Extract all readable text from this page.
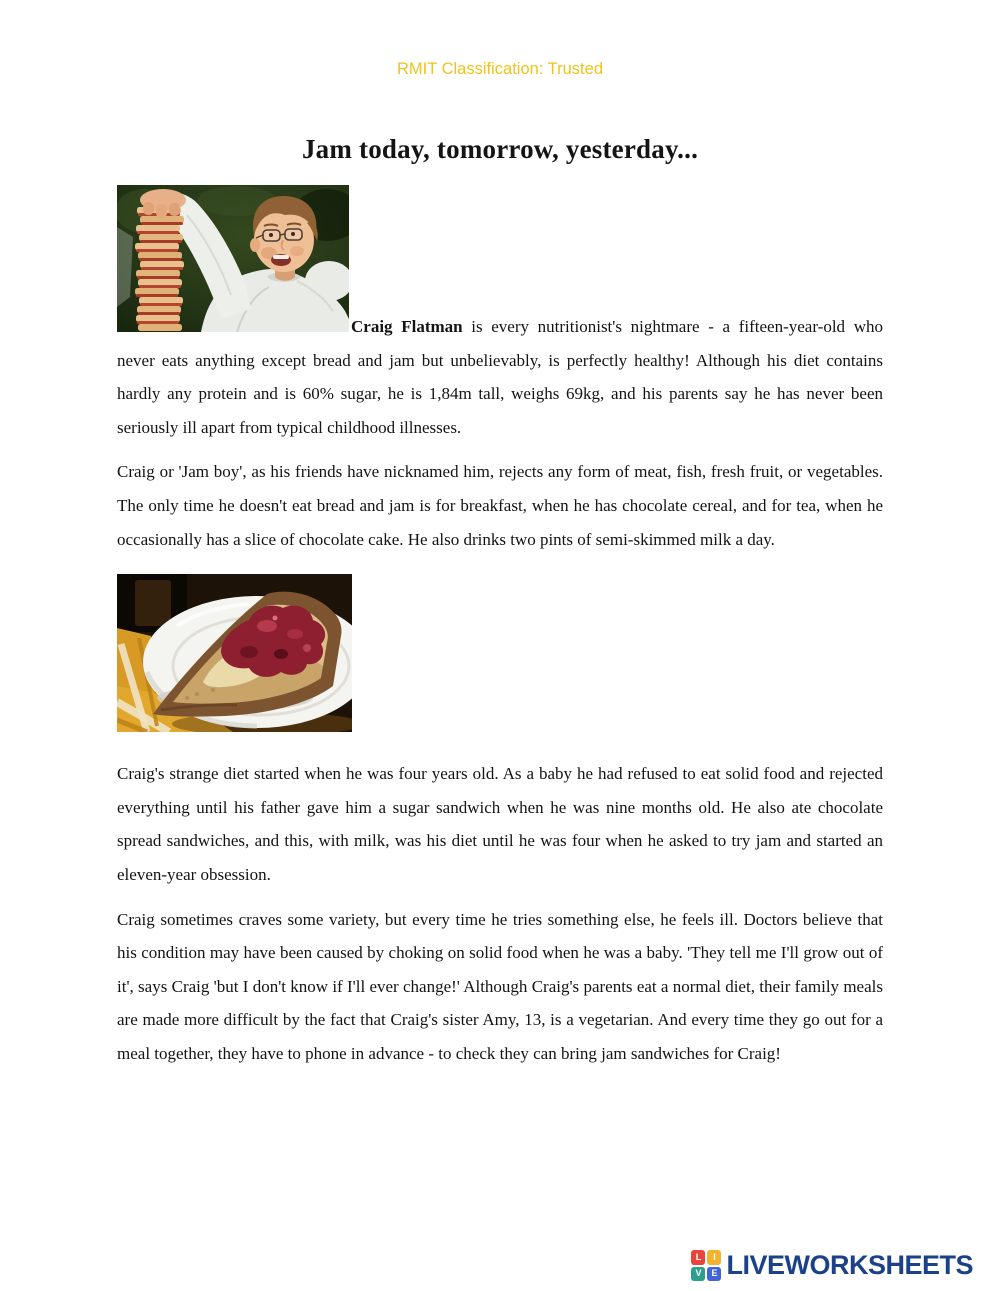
RMIT Classification: Trusted
Jam today, tomorrow, yesterday...

Craig Flatman is every nutritionist's nightmare - a fifteen-year-old who never eats anything except bread and jam but unbelievably, is perfectly healthy! Although his diet contains hardly any protein and is 60% sugar, he is 1,84m tall, weighs 69kg, and his parents say he has never been seriously ill apart from typical childhood illnesses.

Craig or 'Jam boy', as his friends have nicknamed him, rejects any form of meat, fish, fresh fruit, or vegetables. The only time he doesn't eat bread and jam is for breakfast, when he has chocolate cereal, and for tea, when he occasionally has a slice of chocolate cake. He also drinks two pints of semi-skimmed milk a day.

Craig's strange diet started when he was four years old. As a baby he had refused to eat solid food and rejected everything until his father gave him a sugar sandwich when he was nine months old. He also ate chocolate spread sandwiches, and this, with milk, was his diet until he was four when he asked to try jam and started an eleven-year obsession.

Craig sometimes craves some variety, but every time he tries something else, he feels ill. Doctors believe that his condition may have been caused by choking on solid food when he was a baby. 'They tell me I'll grow out of it', says Craig 'but I don't know if I'll ever change!' Although Craig's parents eat a normal diet, their family meals are made more difficult by the fact that Craig's sister Amy, 13, is a vegetarian. And every time they go out for a meal together, they have to phone in advance - to check they can bring jam sandwiches for Craig!

L	I
V	E LIVEWORKSHEETS
